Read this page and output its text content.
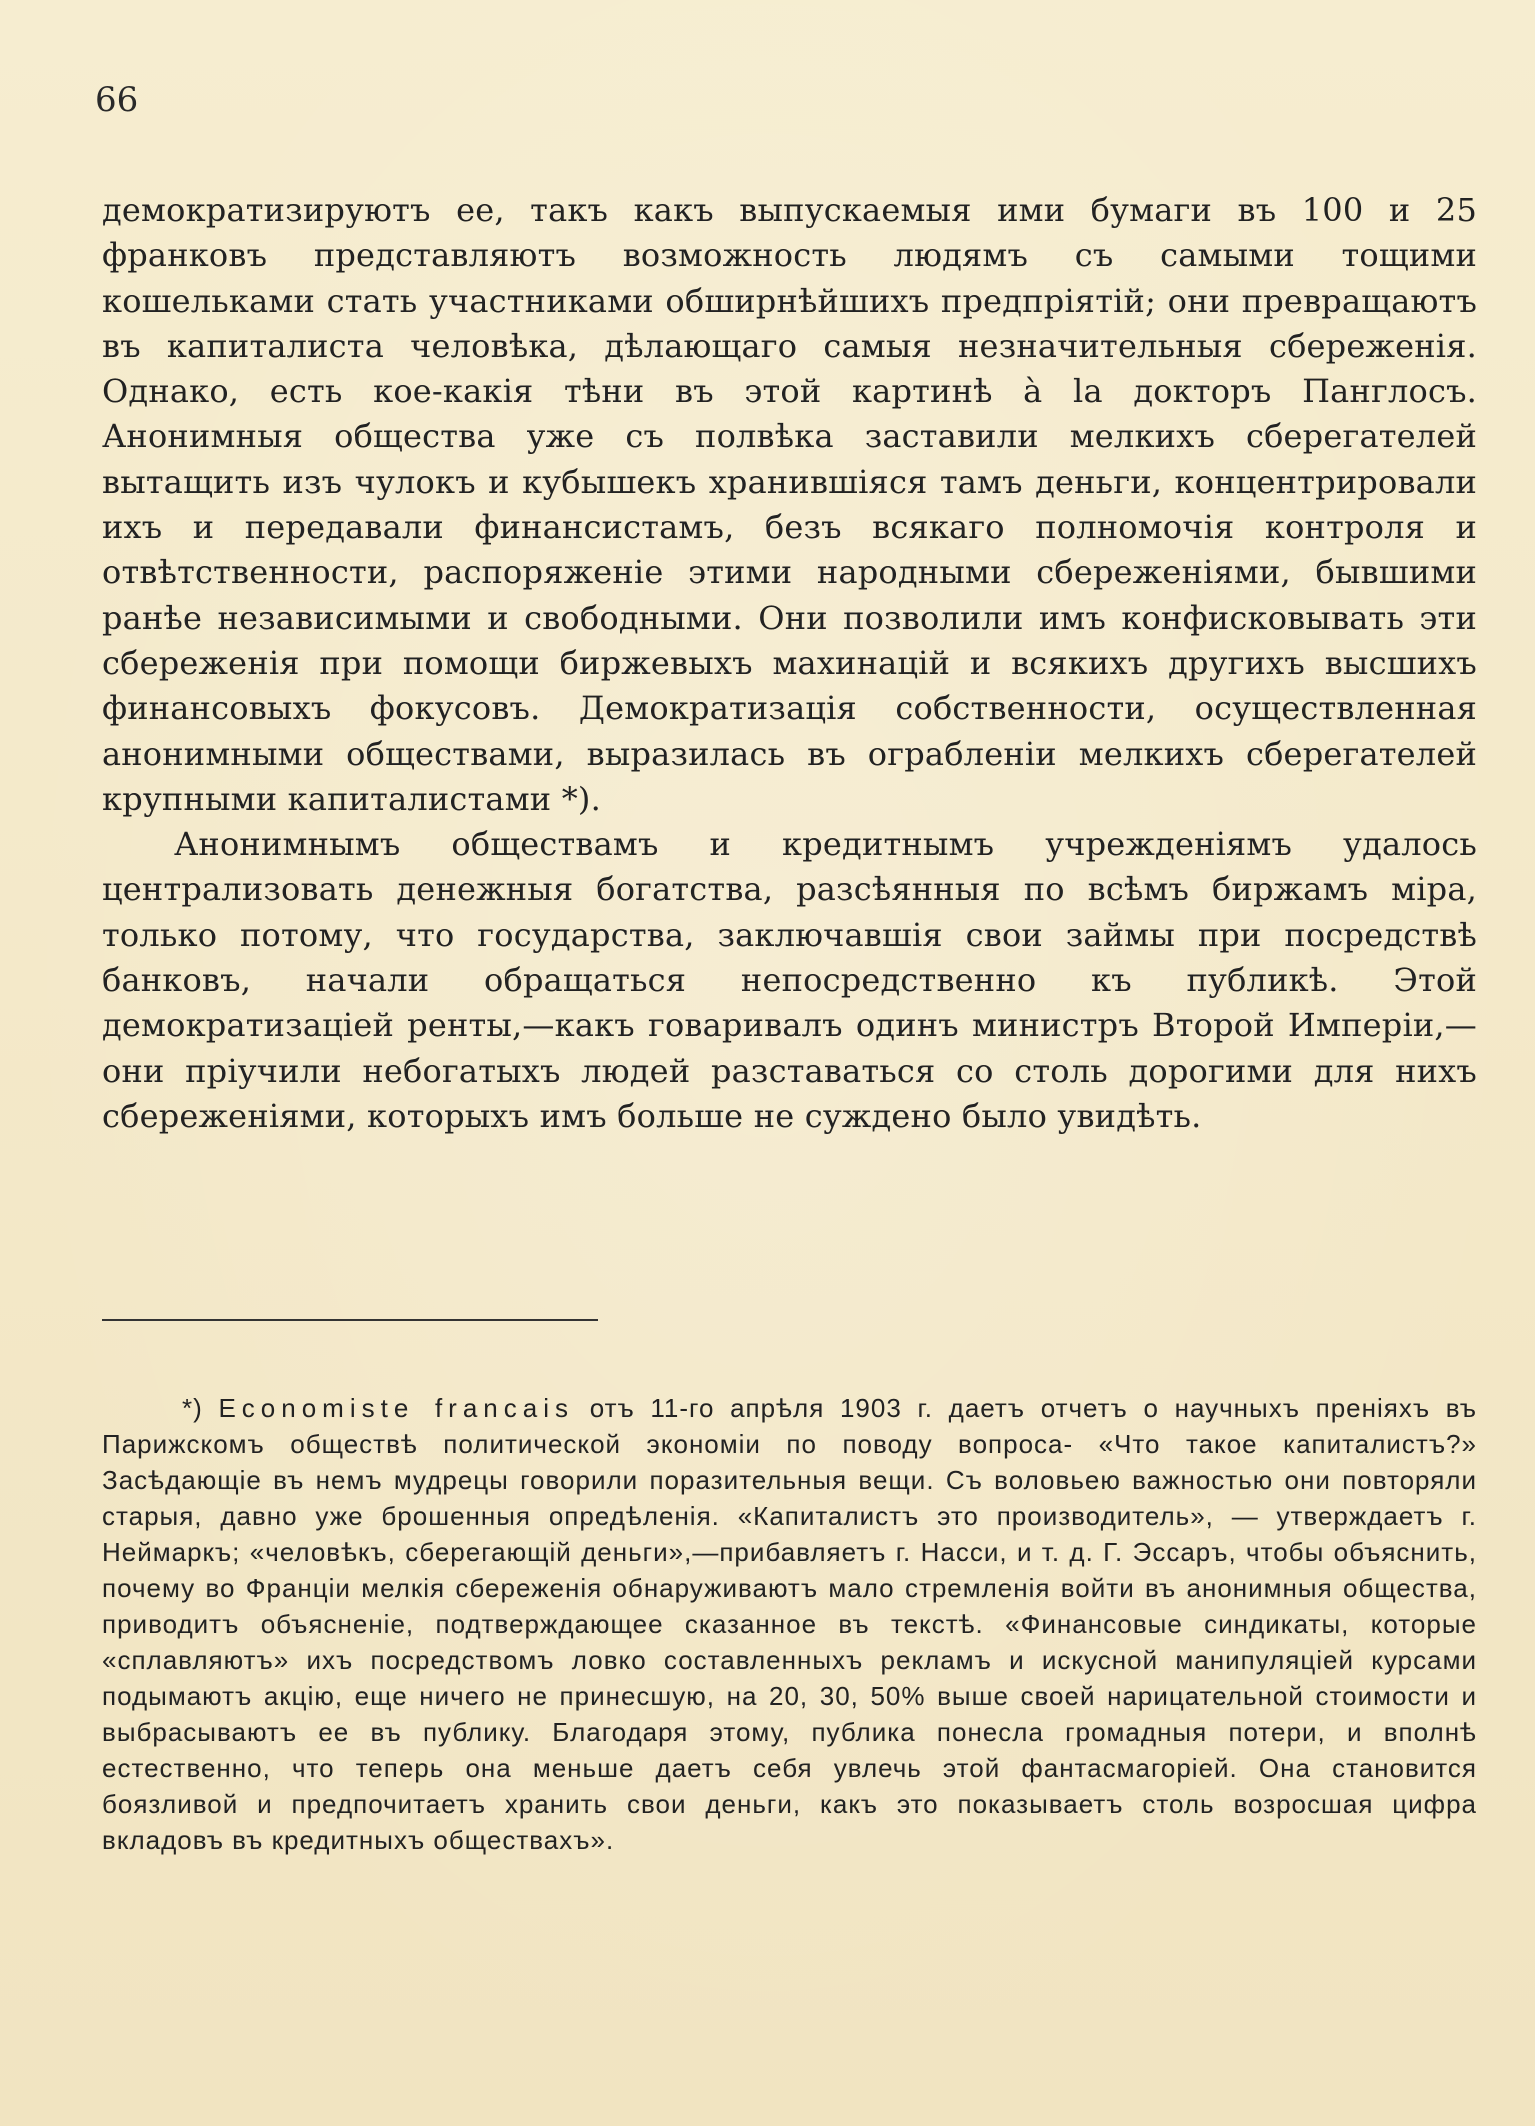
66

демократизируютъ ее, такъ какъ выпускаемыя ими бумаги въ 100 и 25 франковъ представляютъ возможность людямъ съ самыми тощими кошельками стать участниками обширнѣйшихъ предпріятій; они превращаютъ въ капиталиста человѣка, дѣлающаго самыя незначительныя сбереженія. Однако, есть кое-какія тѣни въ этой картинѣ à la докторъ Панглосъ. Анонимныя общества уже съ полвѣка заставили мелкихъ сберегателей вытащить изъ чулокъ и кубышекъ хранившіяся тамъ деньги, концентрировали ихъ и передавали финансистамъ, безъ всякаго полномочія контроля и отвѣтственности, распоряженіе этими народными сбереженіями, бывшими ранѣе независимыми и свободными. Они позволили имъ конфисковывать эти сбереженія при помощи биржевыхъ махинацій и всякихъ другихъ высшихъ финансовыхъ фокусовъ. Демократизація собственности, осуществленная анонимными обществами, выразилась въ ограбленіи мелкихъ сберегателей крупными капиталистами *).

Анонимнымъ обществамъ и кредитнымъ учрежденіямъ удалось централизовать денежныя богатства, разсѣянныя по всѣмъ биржамъ міра, только потому, что государства, заключавшія свои займы при посредствѣ банковъ, начали обращаться непосредственно къ публикѣ. Этой демократизаціей ренты,—какъ говаривалъ одинъ министръ Второй Имперіи,—они пріучили небогатыхъ людей разставаться со столь дорогими для нихъ сбереженіями, которыхъ имъ больше не суждено было увидѣть.

*) Economiste francais отъ 11-го апрѣля 1903 г. даетъ отчетъ о научныхъ преніяхъ въ Парижскомъ обществѣ политической экономіи по поводу вопроса- «Что такое капиталистъ?» Засѣдающіе въ немъ мудрецы говорили поразительныя вещи. Съ воловьею важностью они повторяли старыя, давно уже брошенныя опредѣленія. «Капиталистъ это производитель», — утверждаетъ г. Неймаркъ; «человѣкъ, сберегающій деньги»,—прибавляетъ г. Насси, и т. д. Г. Эссаръ, чтобы объяснить, почему во Франціи мелкія сбереженія обнаруживаютъ мало стремленія войти въ анонимныя общества, приводитъ объясненіе, подтверждающее сказанное въ текстѣ. «Финансовые синдикаты, которые «сплавляютъ» ихъ посредствомъ ловко составленныхъ рекламъ и искусной манипуляціей курсами подымаютъ акцію, еще ничего не принесшую, на 20, 30, 50% выше своей нарицательной стоимости и выбрасываютъ ее въ публику. Благодаря этому, публика понесла громадныя потери, и вполнѣ естественно, что теперь она меньше даетъ себя увлечь этой фантасмагоріей. Она становится боязливой и предпочитаетъ хранить свои деньги, какъ это показываетъ столь возросшая цифра вкладовъ въ кредитныхъ обществахъ».
